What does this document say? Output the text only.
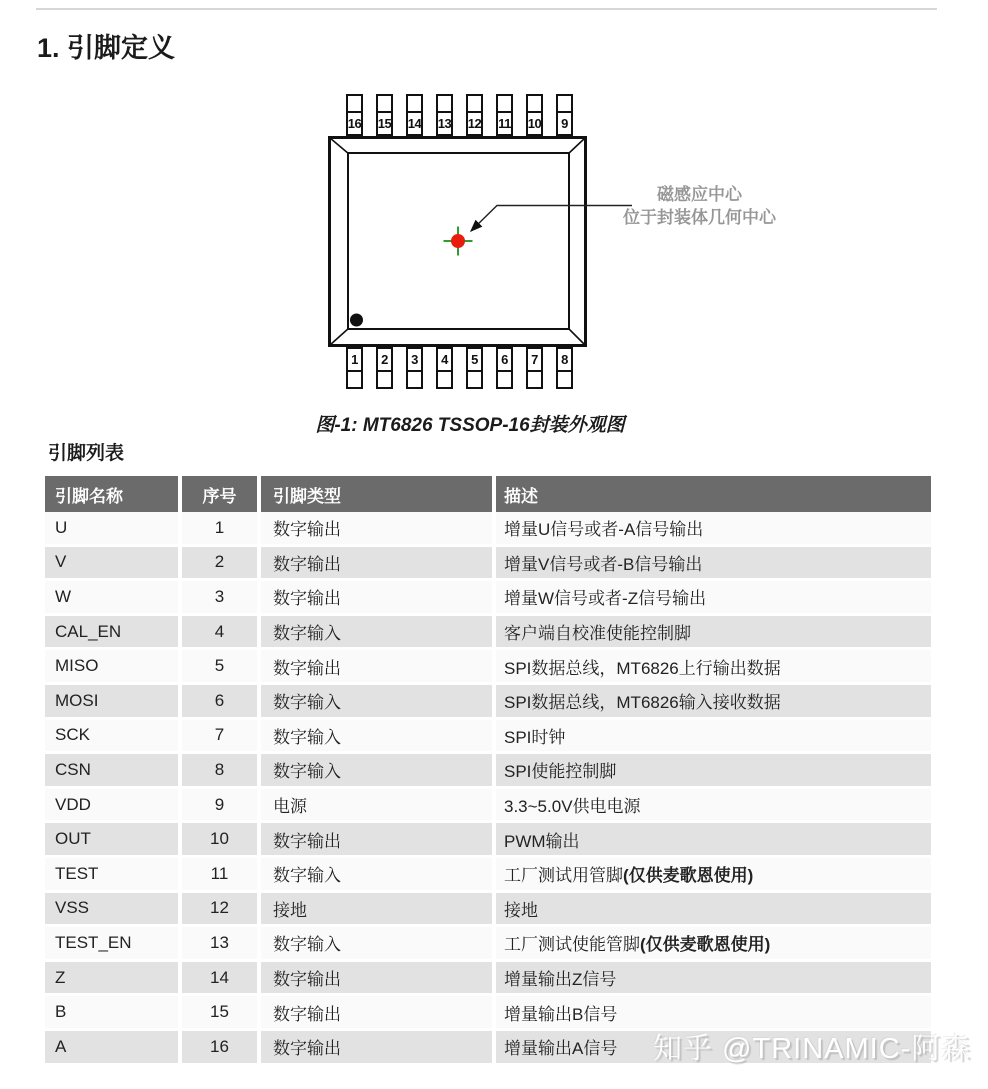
1. 引脚定义
16 15 14 13 12 11 10 9
1 2 3 4 5 6 7 8
磁感应中心
位于封装体几何中心
图-1: MT6826 TSSOP-16封装外观图
引脚列表
引脚名称	序号	引脚类型	描述
U	1	数字输出	增量U信号或者-A信号输出
V	2	数字输出	增量V信号或者-B信号输出
W	3	数字输出	增量W信号或者-Z信号输出
CAL_EN	4	数字输入	客户端自校准使能控制脚
MISO	5	数字输出	SPI数据总线，MT6826上行输出数据
MOSI	6	数字输入	SPI数据总线，MT6826输入接收数据
SCK	7	数字输入	SPI时钟
CSN	8	数字输入	SPI使能控制脚
VDD	9	电源	3.3~5.0V供电电源
OUT	10	数字输出	PWM输出
TEST	11	数字输入	工厂测试用管脚 (仅供麦歌恩使用)
VSS	12	接地	接地
TEST_EN	13	数字输入	工厂测试使能管脚 (仅供麦歌恩使用)
Z	14	数字输出	增量输出Z信号
B	15	数字输出	增量输出B信号
A	16	数字输出	增量输出A信号	知乎 @TRINAMIC-阿森
